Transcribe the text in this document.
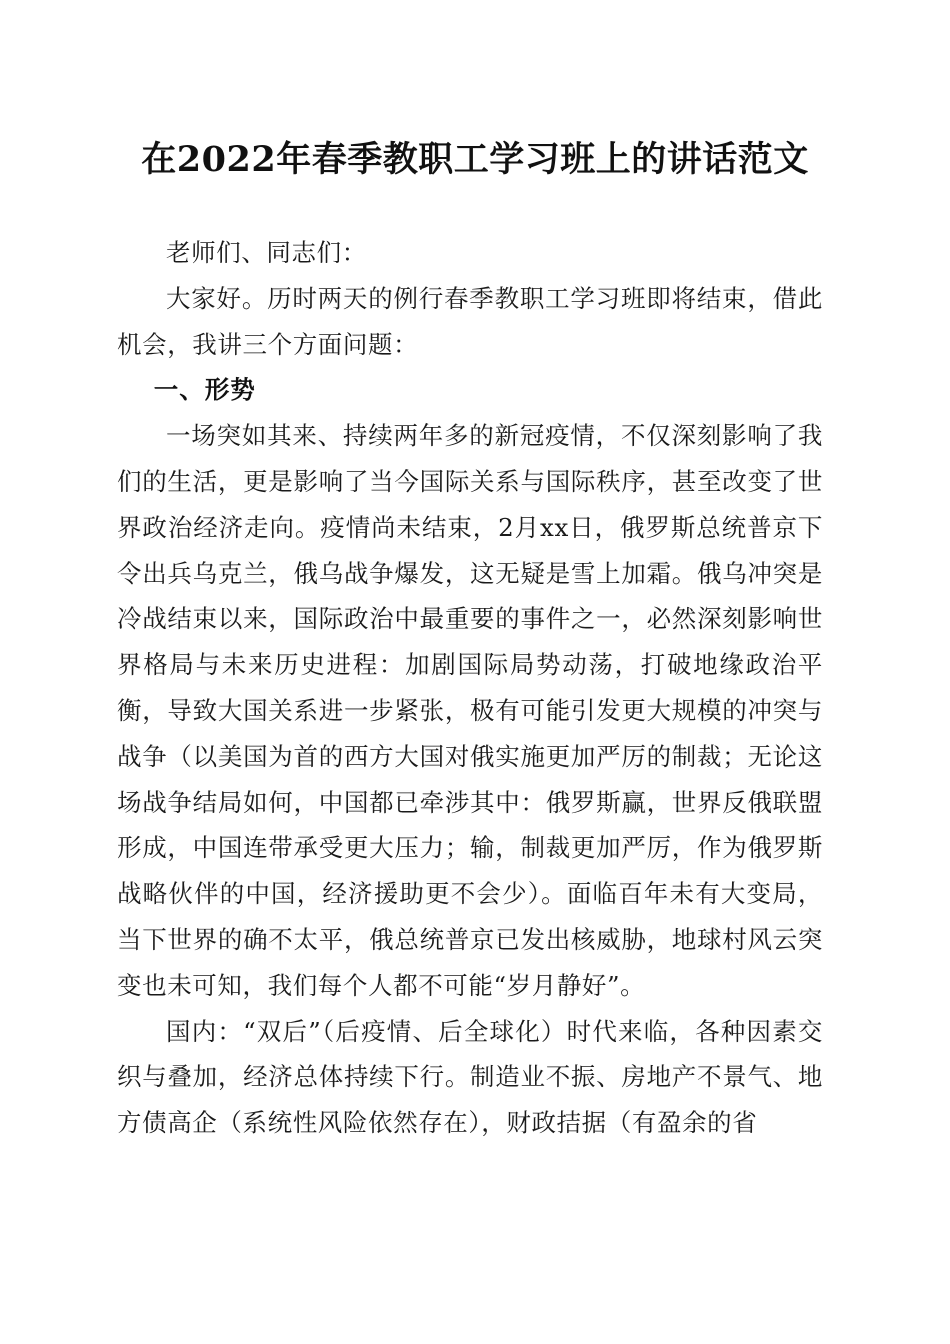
在2022年春季教职工学习班上的讲话范文

老师们、同志们：

大家好。历时两天的例行春季教职工学习班即将结束，借此机会，我讲三个方面问题：

一、形势

一场突如其来、持续两年多的新冠疫情，不仅深刻影响了我们的生活，更是影响了当今国际关系与国际秩序，甚至改变了世界政治经济走向。疫情尚未结束，2月xx日，俄罗斯总统普京下令出兵乌克兰，俄乌战争爆发，这无疑是雪上加霜。俄乌冲突是冷战结束以来，国际政治中最重要的事件之一，必然深刻影响世界格局与未来历史进程：加剧国际局势动荡，打破地缘政治平衡，导致大国关系进一步紧张，极有可能引发更大规模的冲突与战争（以美国为首的西方大国对俄实施更加严厉的制裁；无论这场战争结局如何，中国都已牵涉其中：俄罗斯赢，世界反俄联盟形成，中国连带承受更大压力；输，制裁更加严厉，作为俄罗斯战略伙伴的中国，经济援助更不会少）。面临百年未有大变局，当下世界的确不太平，俄总统普京已发出核威胁，地球村风云突变也未可知，我们每个人都不可能“岁月静好”。

国内：“双后”（后疫情、后全球化）时代来临，各种因素交织与叠加，经济总体持续下行。制造业不振、房地产不景气、地方债高企（系统性风险依然存在），财政拮据（有盈余的省
